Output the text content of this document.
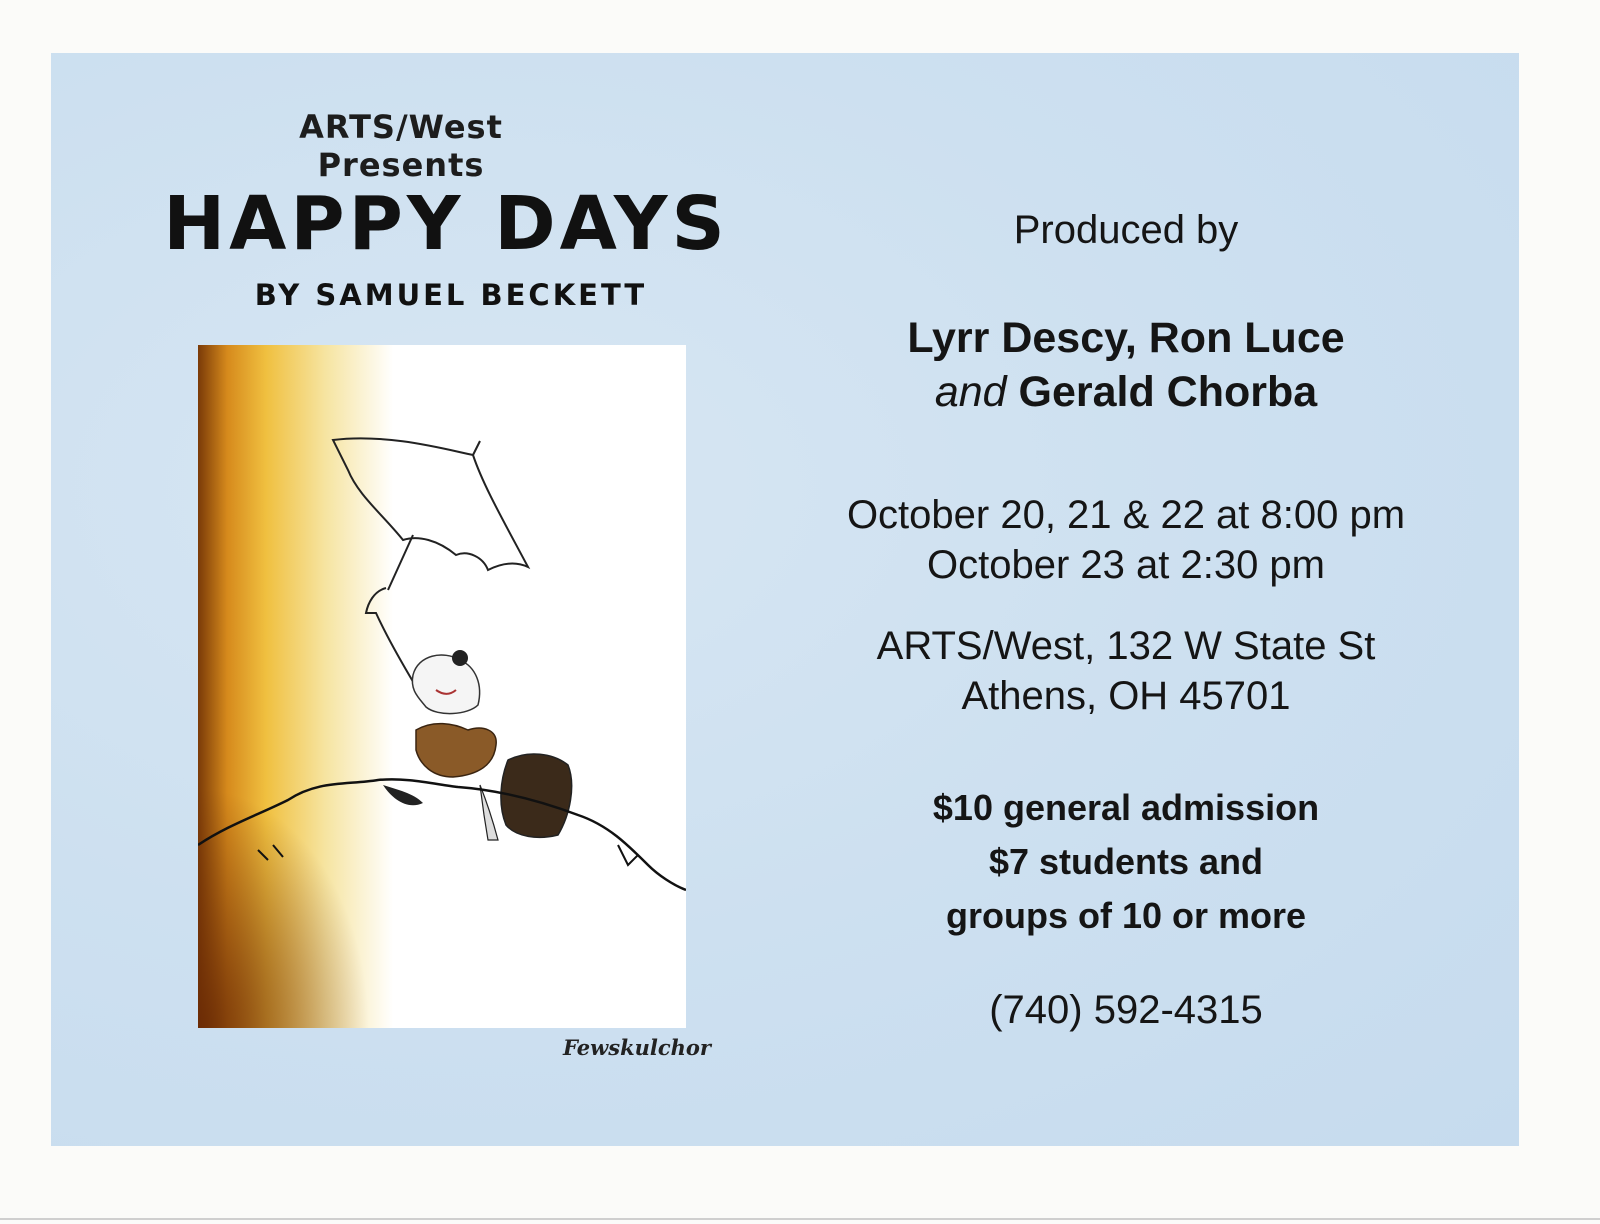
ARTS/West Presents
HAPPY DAYS
BY SAMUEL BECKETT
Fewskulchor
Produced by
Lyrr Descy, Ron Luce
and Gerald Chorba
October 20, 21 & 22 at 8:00 pm
October 23 at 2:30 pm
ARTS/West, 132 W State St
Athens, OH 45701
$10 general admission
$7 students and
groups of 10 or more
(740) 592-4315
